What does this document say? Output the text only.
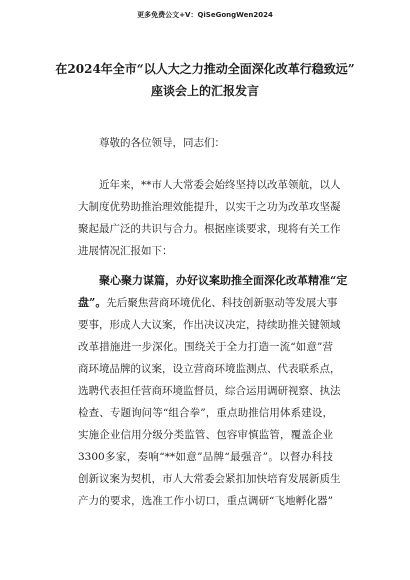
更多免费公文+V：QiSeGongWen2024
在2024年全市“以人大之力推动全面深化改革行稳致远”
座谈会上的汇报发言
尊敬的各位领导，同志们：
近年来，**市人大常委会始终坚持以改革领航，以人
大制度优势助推治理效能提升，以实干之功为改革攻坚凝
聚起最广泛的共识与合力。根据座谈要求，现将有关工作
进展情况汇报如下：
聚心聚力谋篇，办好议案助推全面深化改革精准“定
盘”。先后聚焦营商环境优化、科技创新驱动等发展大事
要事，形成人大议案，作出决议决定，持续助推关键领域
改革措施进一步深化。围绕关于全力打造一流“如意”营
商环境品牌的议案，设立营商环境监测点、代表联系点，
选聘代表担任营商环境监督员，综合运用调研视察、执法
检查、专题询问等“组合拳”，重点助推信用体系建设，
实施企业信用分级分类监管、包容审慎监管，覆盖企业
3300多家，奏响“**如意”品牌“最强音”。以督办科技
创新议案为契机，市人大常委会紧扣加快培育发展新质生
产力的要求，选准工作小切口，重点调研“飞地孵化器”
